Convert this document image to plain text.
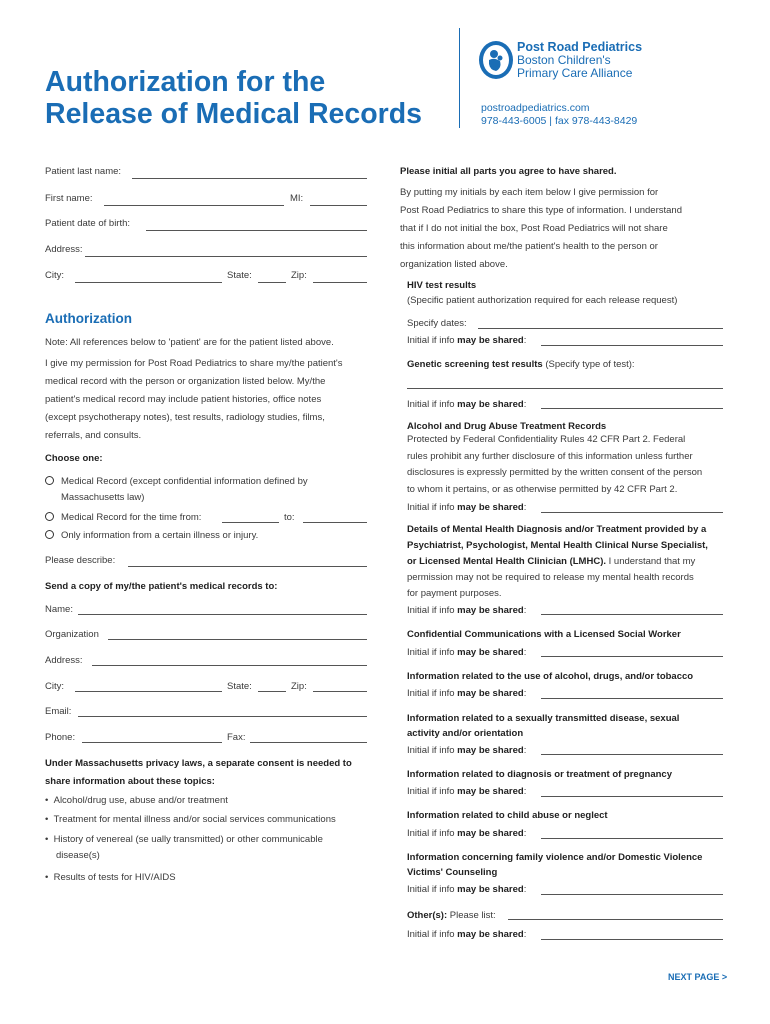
Authorization for the
Release of Medical Records
Post Road Pediatrics
Boston Children's
Primary Care Alliance
postroadpediatrics.com
978-443-6005 | fax 978-443-8429
Patient last name:
First name:	MI:
Patient date of birth:
Address:
City:	State:	Zip:
Authorization
Note: All references below to 'patient' are for the patient listed above.
I give my permission for Post Road Pediatrics to share my/the patient's
medical record with the person or organization listed below. My/the
patient's medical record may include patient histories, office notes
(except psychotherapy notes), test results, radiology studies, films,
referrals, and consults.
Choose one:
Medical Record (except confidential information defined by
Massachusetts law)
Medical Record for the time from:	to:
Only information from a certain illness or injury.
Please describe:
Send a copy of my/the patient's medical records to:
Name:
Organization
Address:
City:	State:	Zip:
Email:
Phone:	Fax:
Under Massachusetts privacy laws, a separate consent is needed to
share information about these topics:
•  Alcohol/drug use, abuse and/or treatment
•  Treatment for mental illness and/or social services communications
•  History of venereal (se ually transmitted) or other communicable
disease(s)
•  Results of tests for HIV/AIDS
Please initial all parts you agree to have shared.
By putting my initials by each item below I give permission for
Post Road Pediatrics to share this type of information. I understand
that if I do not initial the box, Post Road Pediatrics will not share
this information about me/the patient's health to the person or
organization listed above.
HIV test results
(Specific patient authorization required for each release request)
Specify dates:
Initial if info may be shared:
Genetic screening test results (Specify type of test):
Initial if info may be shared:
Alcohol and Drug Abuse Treatment Records
Protected by Federal Confidentiality Rules 42 CFR Part 2. Federal
rules prohibit any further disclosure of this information unless further
disclosures is expressly permitted by the written consent of the person
to whom it pertains, or as otherwise permitted by 42 CFR Part 2.
Initial if info may be shared:
Details of Mental Health Diagnosis and/or Treatment provided by a
Psychiatrist, Psychologist, Mental Health Clinical Nurse Specialist,
or Licensed Mental Health Clinician (LMHC). I understand that my
permission may not be required to release my mental health records
for payment purposes.
Initial if info may be shared:
Confidential Communications with a Licensed Social Worker
Initial if info may be shared:
Information related to the use of alcohol, drugs, and/or tobacco
Initial if info may be shared:
Information related to a sexually transmitted disease, sexual
activity and/or orientation
Initial if info may be shared:
Information related to diagnosis or treatment of pregnancy
Initial if info may be shared:
Information related to child abuse or neglect
Initial if info may be shared:
Information concerning family violence and/or Domestic Violence
Victims' Counseling
Initial if info may be shared:
Other(s): Please list:
Initial if info may be shared:
NEXT PAGE >
